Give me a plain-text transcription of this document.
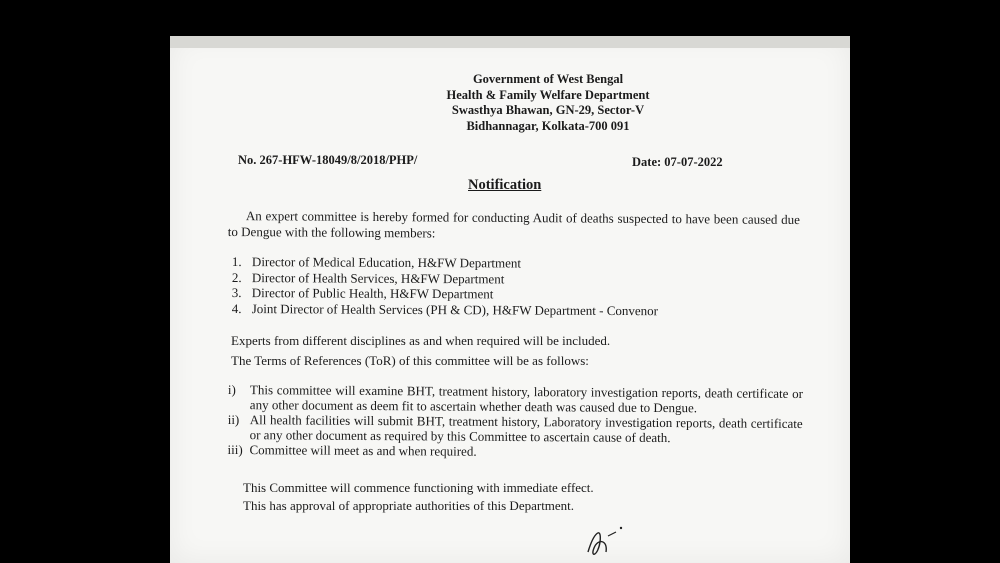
Government of West Bengal
Health & Family Welfare Department
Swasthya Bhawan, GN-29, Sector-V
Bidhannagar, Kolkata-700 091
No. 267-HFW-18049/8/2018/PHP/	Date: 07-07-2022
Notification
An expert committee is hereby formed for conducting Audit of deaths suspected to have been caused due to Dengue with the following members:
1. Director of Medical Education, H&FW Department
2. Director of Health Services, H&FW Department
3. Director of Public Health, H&FW Department
4. Joint Director of Health Services (PH & CD), H&FW Department - Convenor
Experts from different disciplines as and when required will be included.
The Terms of References (ToR) of this committee will be as follows:
i) This committee will examine BHT, treatment history, laboratory investigation reports, death certificate or any other document as deem fit to ascertain whether death was caused due to Dengue.
ii) All health facilities will submit BHT, treatment history, Laboratory investigation reports, death certificate or any other document as required by this Committee to ascertain cause of death.
iii) Committee will meet as and when required.
This Committee will commence functioning with immediate effect.
This has approval of appropriate authorities of this Department.
